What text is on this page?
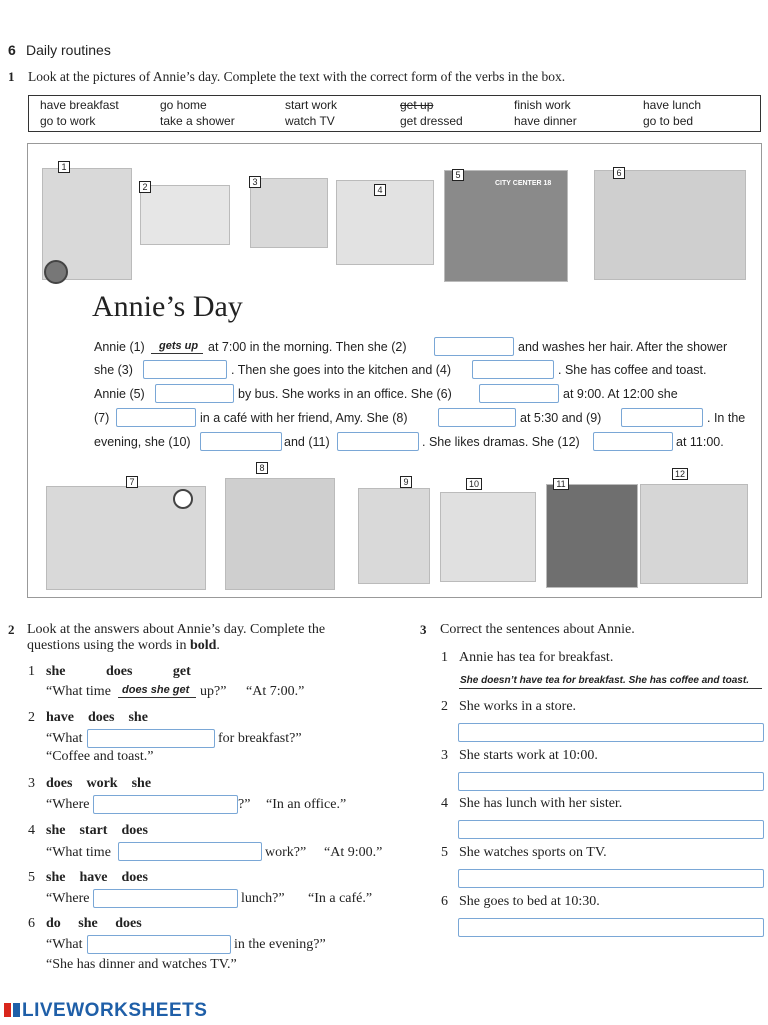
6 Daily routines
1 Look at the pictures of Annie’s day. Complete the text with the correct form of the verbs in the box.
have breakfast	go home	start work	get up	finish work	have lunch
go to work	take a shower	watch TV	get dressed	have dinner	go to bed
1
2	3
4
CITY CENTER 18
5	6
Annie’s Day
Annie (1) gets up at 7:00 in the morning. Then she (2)	and washes her hair. After the shower
she (3)	. Then she goes into the kitchen and (4)	. She has coffee and toast.
Annie (5)	by bus. She works in an office. She (6)	at 9:00. At 12:00 she
(7)	in a café with her friend, Amy. She (8)	at 5:30 and (9)	. In the
evening, she (10)	and (11)	. She likes dramas. She (12)	at 11:00.
7
8
9	10	11
12
2 Look at the answers about Annie’s day. Complete the
questions using the words in bold.
1 she	does	get
“What time does she get up?” “At 7:00.”
2 have does she
“What	for breakfast?”
“Coffee and toast.”
3 does work she
“Where	?” “In an office.”
4 she start does
“What time	work?” “At 9:00.”
5 she have does
“Where	lunch?” “In a café.”
6 do she does
“What	in the evening?”
“She has dinner and watches TV.”
3 Correct the sentences about Annie.
1 Annie has tea for breakfast.
She doesn’t have tea for breakfast. She has coffee and toast.
2 She works in a store.
3 She starts work at 10:00.
4 She has lunch with her sister.
5 She watches sports on TV.
6 She goes to bed at 10:30.
LIVEWORKSHEETS
